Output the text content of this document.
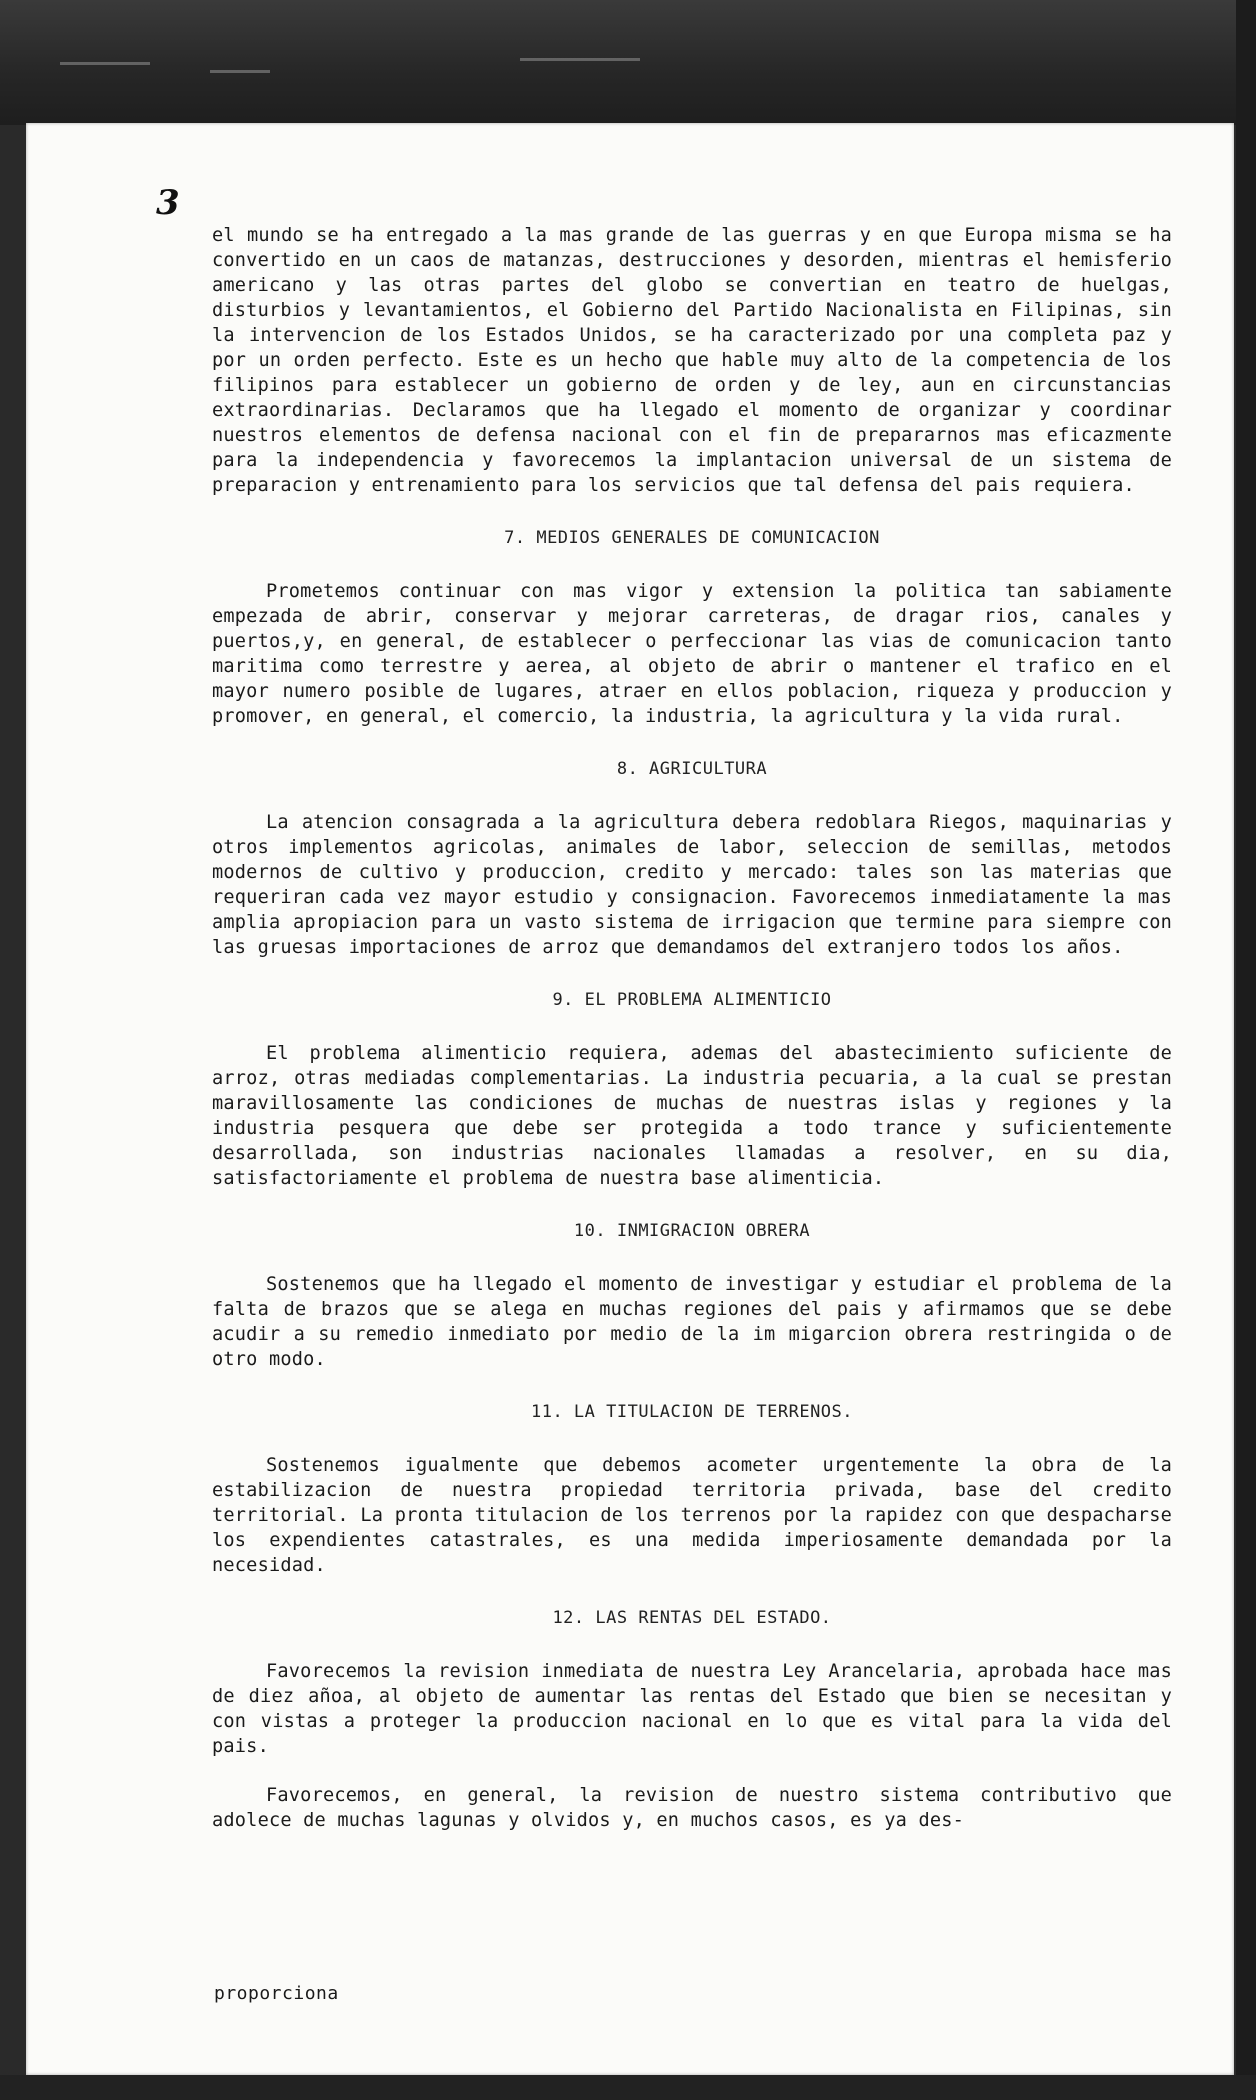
3

el mundo se ha entregado a la mas grande de las guerras y en que Europa misma se ha convertido en un caos de matanzas, destrucciones y desorden, mientras el hemisferio americano y las otras partes del globo se convertian en teatro de huelgas, disturbios y levantamientos, el Gobierno del Partido Nacionalista en Filipinas, sin la intervencion de los Estados Unidos, se ha caracterizado por una completa paz y por un orden perfecto. Este es un hecho que hable muy alto de la competencia de los filipinos para establecer un gobierno de orden y de ley, aun en circunstancias extraordinarias. Declaramos que ha llegado el momento de organizar y coordinar nuestros elementos de defensa nacional con el fin de prepararnos mas eficazmente para la independencia y favorecemos la implantacion universal de un sistema de preparacion y entrenamiento para los servicios que tal defensa del pais requiera.

7. MEDIOS GENERALES DE COMUNICACION

Prometemos continuar con mas vigor y extension la politica tan sabiamente empezada de abrir, conservar y mejorar carreteras, de dragar rios, canales y puertos,y, en general, de establecer o perfeccionar las vias de comunicacion tanto maritima como terrestre y aerea, al objeto de abrir o mantener el trafico en el mayor numero posible de lugares, atraer en ellos poblacion, riqueza y produccion y promover, en general, el comercio, la industria, la agricultura y la vida rural.

8. AGRICULTURA

La atencion consagrada a la agricultura debera redoblara Riegos, maquinarias y otros implementos agricolas, animales de labor, seleccion de semillas, metodos modernos de cultivo y produccion, credito y mercado: tales son las materias que requeriran cada vez mayor estudio y consignacion. Favorecemos inmediatamente la mas amplia apropiacion para un vasto sistema de irrigacion que termine para siempre con las gruesas importaciones de arroz que demandamos del extranjero todos los años.

9. EL PROBLEMA ALIMENTICIO

El problema alimenticio requiera, ademas del abastecimiento suficiente de arroz, otras mediadas complementarias. La industria pecuaria, a la cual se prestan maravillosamente las condiciones de muchas de nuestras islas y regiones y la industria pesquera que debe ser protegida a todo trance y suficientemente desarrollada, son industrias nacionales llamadas a resolver, en su dia, satisfactoriamente el problema de nuestra base alimenticia.

10. INMIGRACION OBRERA

Sostenemos que ha llegado el momento de investigar y estudiar el problema de la falta de brazos que se alega en muchas regiones del pais y afirmamos que se debe acudir a su remedio inmediato por medio de la im migarcion obrera restringida o de otro modo.

11. LA TITULACION DE TERRENOS.

Sostenemos igualmente que debemos acometer urgentemente la obra de la estabilizacion de nuestra propiedad territoria privada, base del credito territorial. La pronta titulacion de los terrenos por la rapidez con que despacharse los expendientes catastrales, es una medida imperiosamente demandada por la necesidad.

12. LAS RENTAS DEL ESTADO.

Favorecemos la revision inmediata de nuestra Ley Arancelaria, aprobada hace mas de diez añoa, al objeto de aumentar las rentas del Estado que bien se necesitan y con vistas a proteger la produccion nacional en lo que es vital para la vida del pais.

Favorecemos, en general, la revision de nuestro sistema contributivo que adolece de muchas lagunas y olvidos y, en muchos casos, es ya des-

proporciona
